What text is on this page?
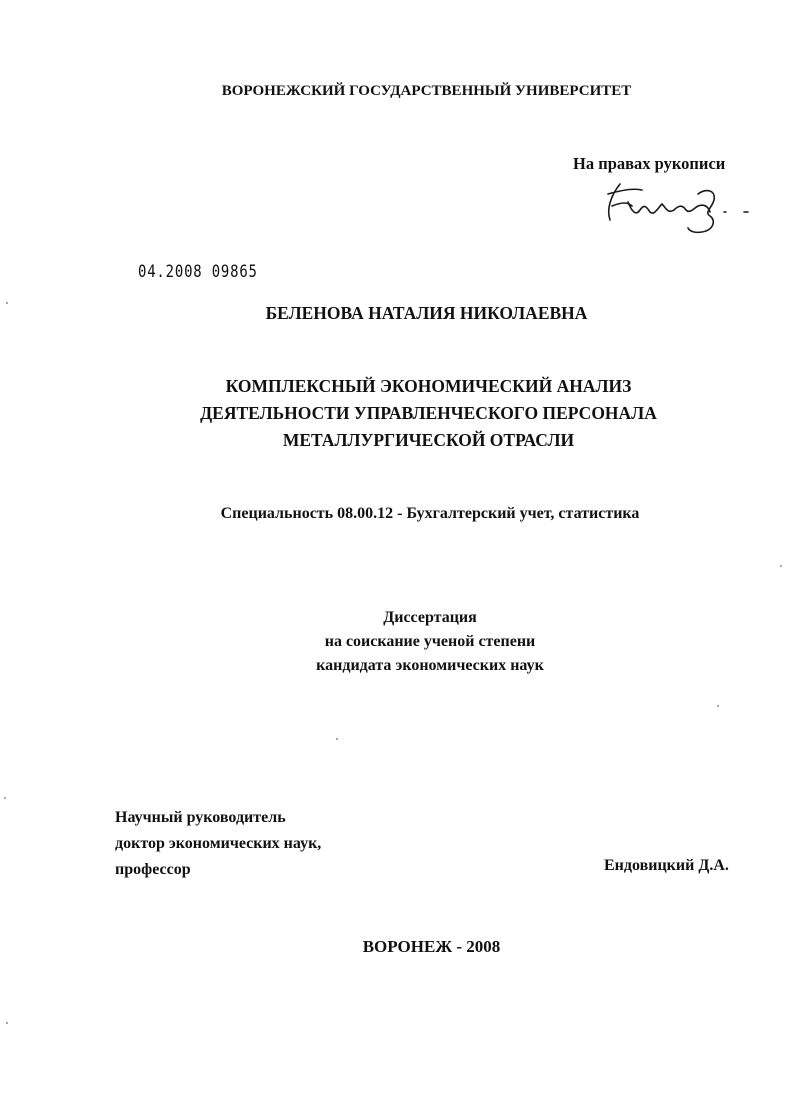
ВОРОНЕЖСКИЙ ГОСУДАРСТВЕННЫЙ УНИВЕРСИТЕТ
На правах рукописи
04.2008 09865
БЕЛЕНОВА НАТАЛИЯ НИКОЛАЕВНА
КОМПЛЕКСНЫЙ ЭКОНОМИЧЕСКИЙ АНАЛИЗ
ДЕЯТЕЛЬНОСТИ УПРАВЛЕНЧЕСКОГО ПЕРСОНАЛА
МЕТАЛЛУРГИЧЕСКОЙ ОТРАСЛИ
Специальность 08.00.12 - Бухгалтерский учет, статистика
Диссертация
на соискание ученой степени
кандидата экономических наук
Научный руководитель
доктор экономических наук,
профессор	Ендовицкий Д.А.
ВОРОНЕЖ - 2008
